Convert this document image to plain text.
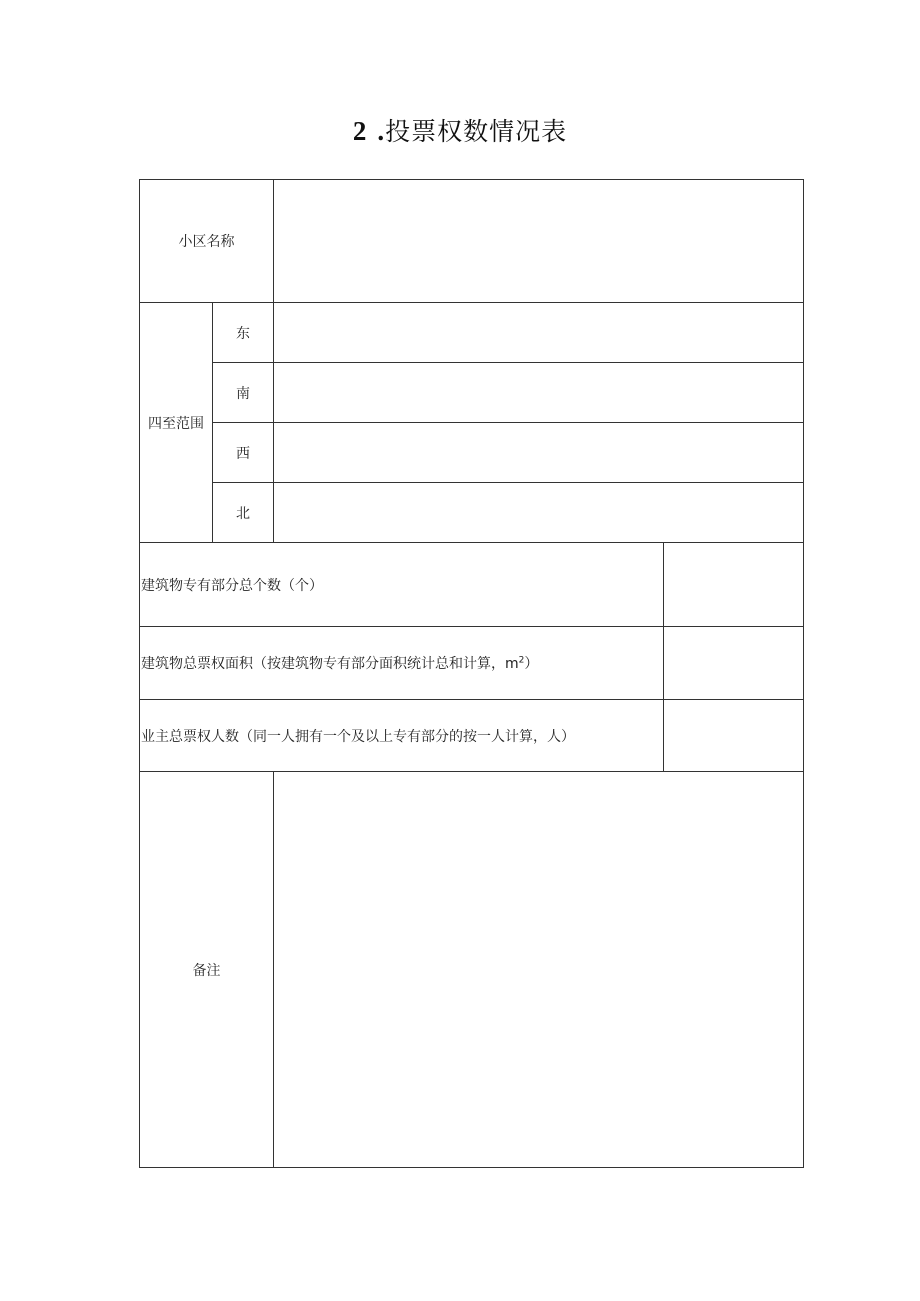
2 .投票权数情况表
小区名称			
四至范围	东		
	南		
	西		
	北		
建筑物专有部分总个数（个）			
建筑物总票权面积（按建筑物专有部分面积统计总和计算，$m^2$）			
业主总票权人数（同一人拥有一个及以上专有部分的按一人计算，人）			
备注			
